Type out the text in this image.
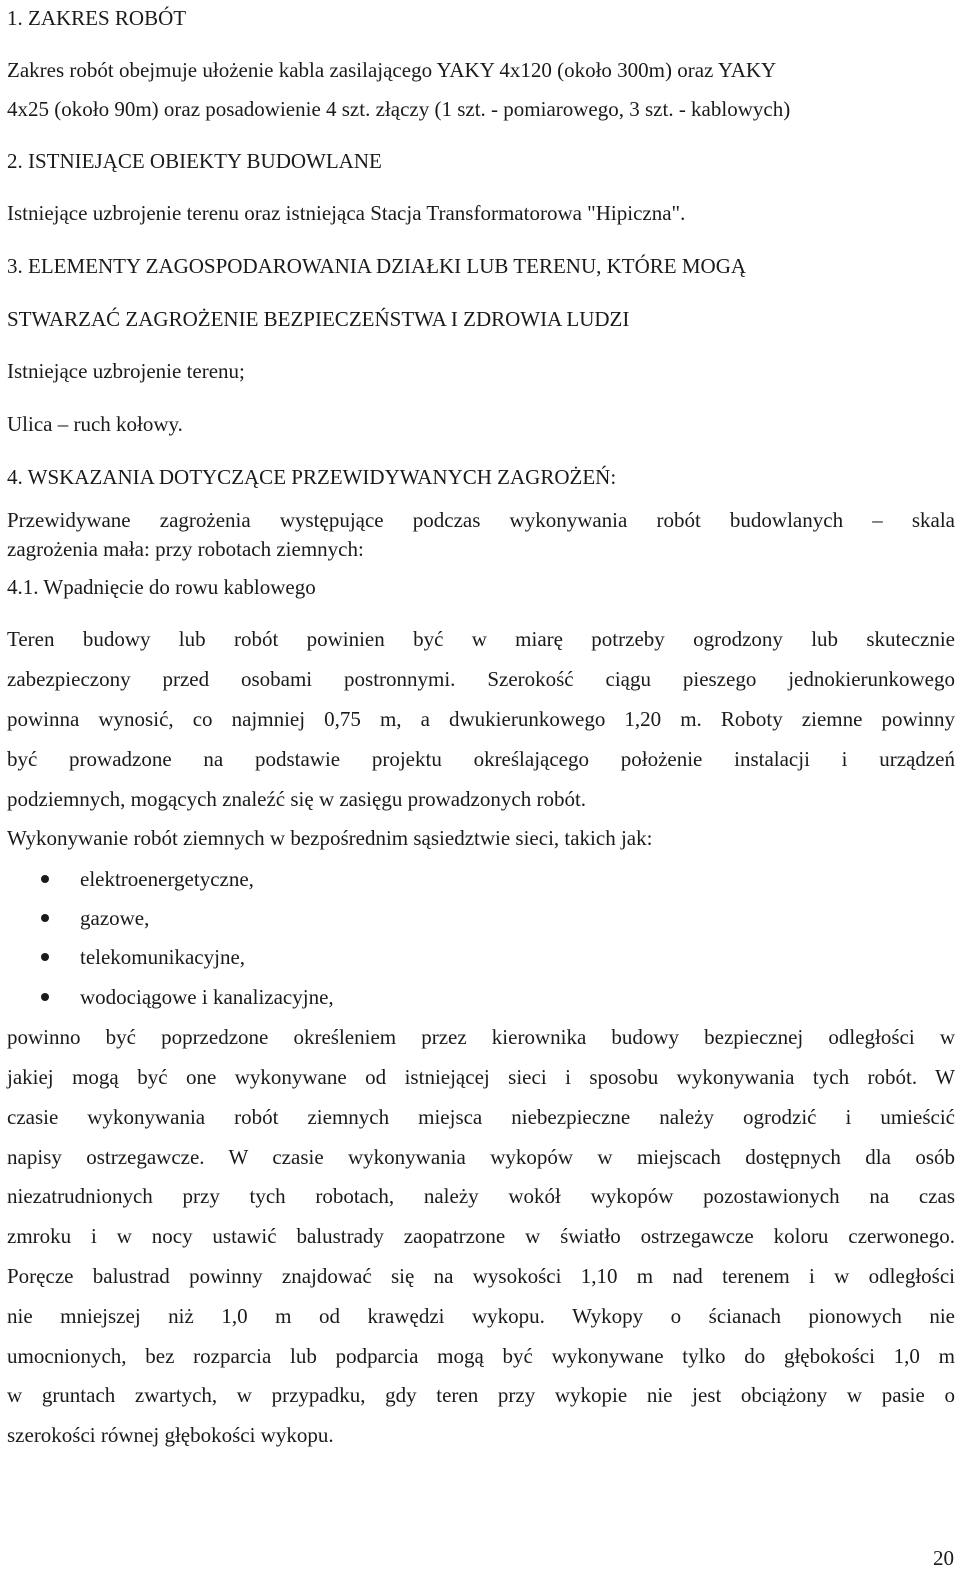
1. ZAKRES ROBÓT
Zakres robót obejmuje ułożenie kabla zasilającego YAKY 4x120 (około 300m) oraz YAKY
4x25 (około 90m) oraz posadowienie 4 szt. złączy (1 szt. - pomiarowego, 3 szt. - kablowych)
2. ISTNIEJĄCE OBIEKTY BUDOWLANE
Istniejące uzbrojenie terenu oraz istniejąca Stacja Transformatorowa "Hipiczna".
3. ELEMENTY ZAGOSPODAROWANIA DZIAŁKI LUB TERENU, KTÓRE MOGĄ
STWARZAĆ ZAGROŻENIE BEZPIECZEŃSTWA I ZDROWIA LUDZI
Istniejące uzbrojenie terenu;
Ulica – ruch kołowy.
4. WSKAZANIA DOTYCZĄCE PRZEWIDYWANYCH ZAGROŻEŃ:
Przewidywane zagrożenia występujące podczas wykonywania robót budowlanych – skala
zagrożenia mała: przy robotach ziemnych:
4.1. Wpadnięcie do rowu kablowego
Teren budowy lub robót powinien być w miarę potrzeby ogrodzony lub skutecznie
zabezpieczony przed osobami postronnymi. Szerokość ciągu pieszego jednokierunkowego
powinna wynosić, co najmniej 0,75 m, a dwukierunkowego 1,20 m. Roboty ziemne powinny
być prowadzone na podstawie projektu określającego położenie instalacji i urządzeń
podziemnych, mogących znaleźć się w zasięgu prowadzonych robót.
Wykonywanie robót ziemnych w bezpośrednim sąsiedztwie sieci, takich jak:
elektroenergetyczne,
gazowe,
telekomunikacyjne,
wodociągowe i kanalizacyjne,
powinno być poprzedzone określeniem przez kierownika budowy bezpiecznej odległości w
jakiej mogą być one wykonywane od istniejącej sieci i sposobu wykonywania tych robót. W
czasie wykonywania robót ziemnych miejsca niebezpieczne należy ogrodzić i umieścić
napisy ostrzegawcze. W czasie wykonywania wykopów w miejscach dostępnych dla osób
niezatrudnionych przy tych robotach, należy wokół wykopów pozostawionych na czas
zmroku i w nocy ustawić balustrady zaopatrzone w światło ostrzegawcze koloru czerwonego.
Poręcze balustrad powinny znajdować się na wysokości 1,10 m nad terenem i w odległości
nie mniejszej niż 1,0 m od krawędzi wykopu. Wykopy o ścianach pionowych nie
umocnionych, bez rozparcia lub podparcia mogą być wykonywane tylko do głębokości 1,0 m
w gruntach zwartych, w przypadku, gdy teren przy wykopie nie jest obciążony w pasie o
szerokości równej głębokości wykopu.
20
